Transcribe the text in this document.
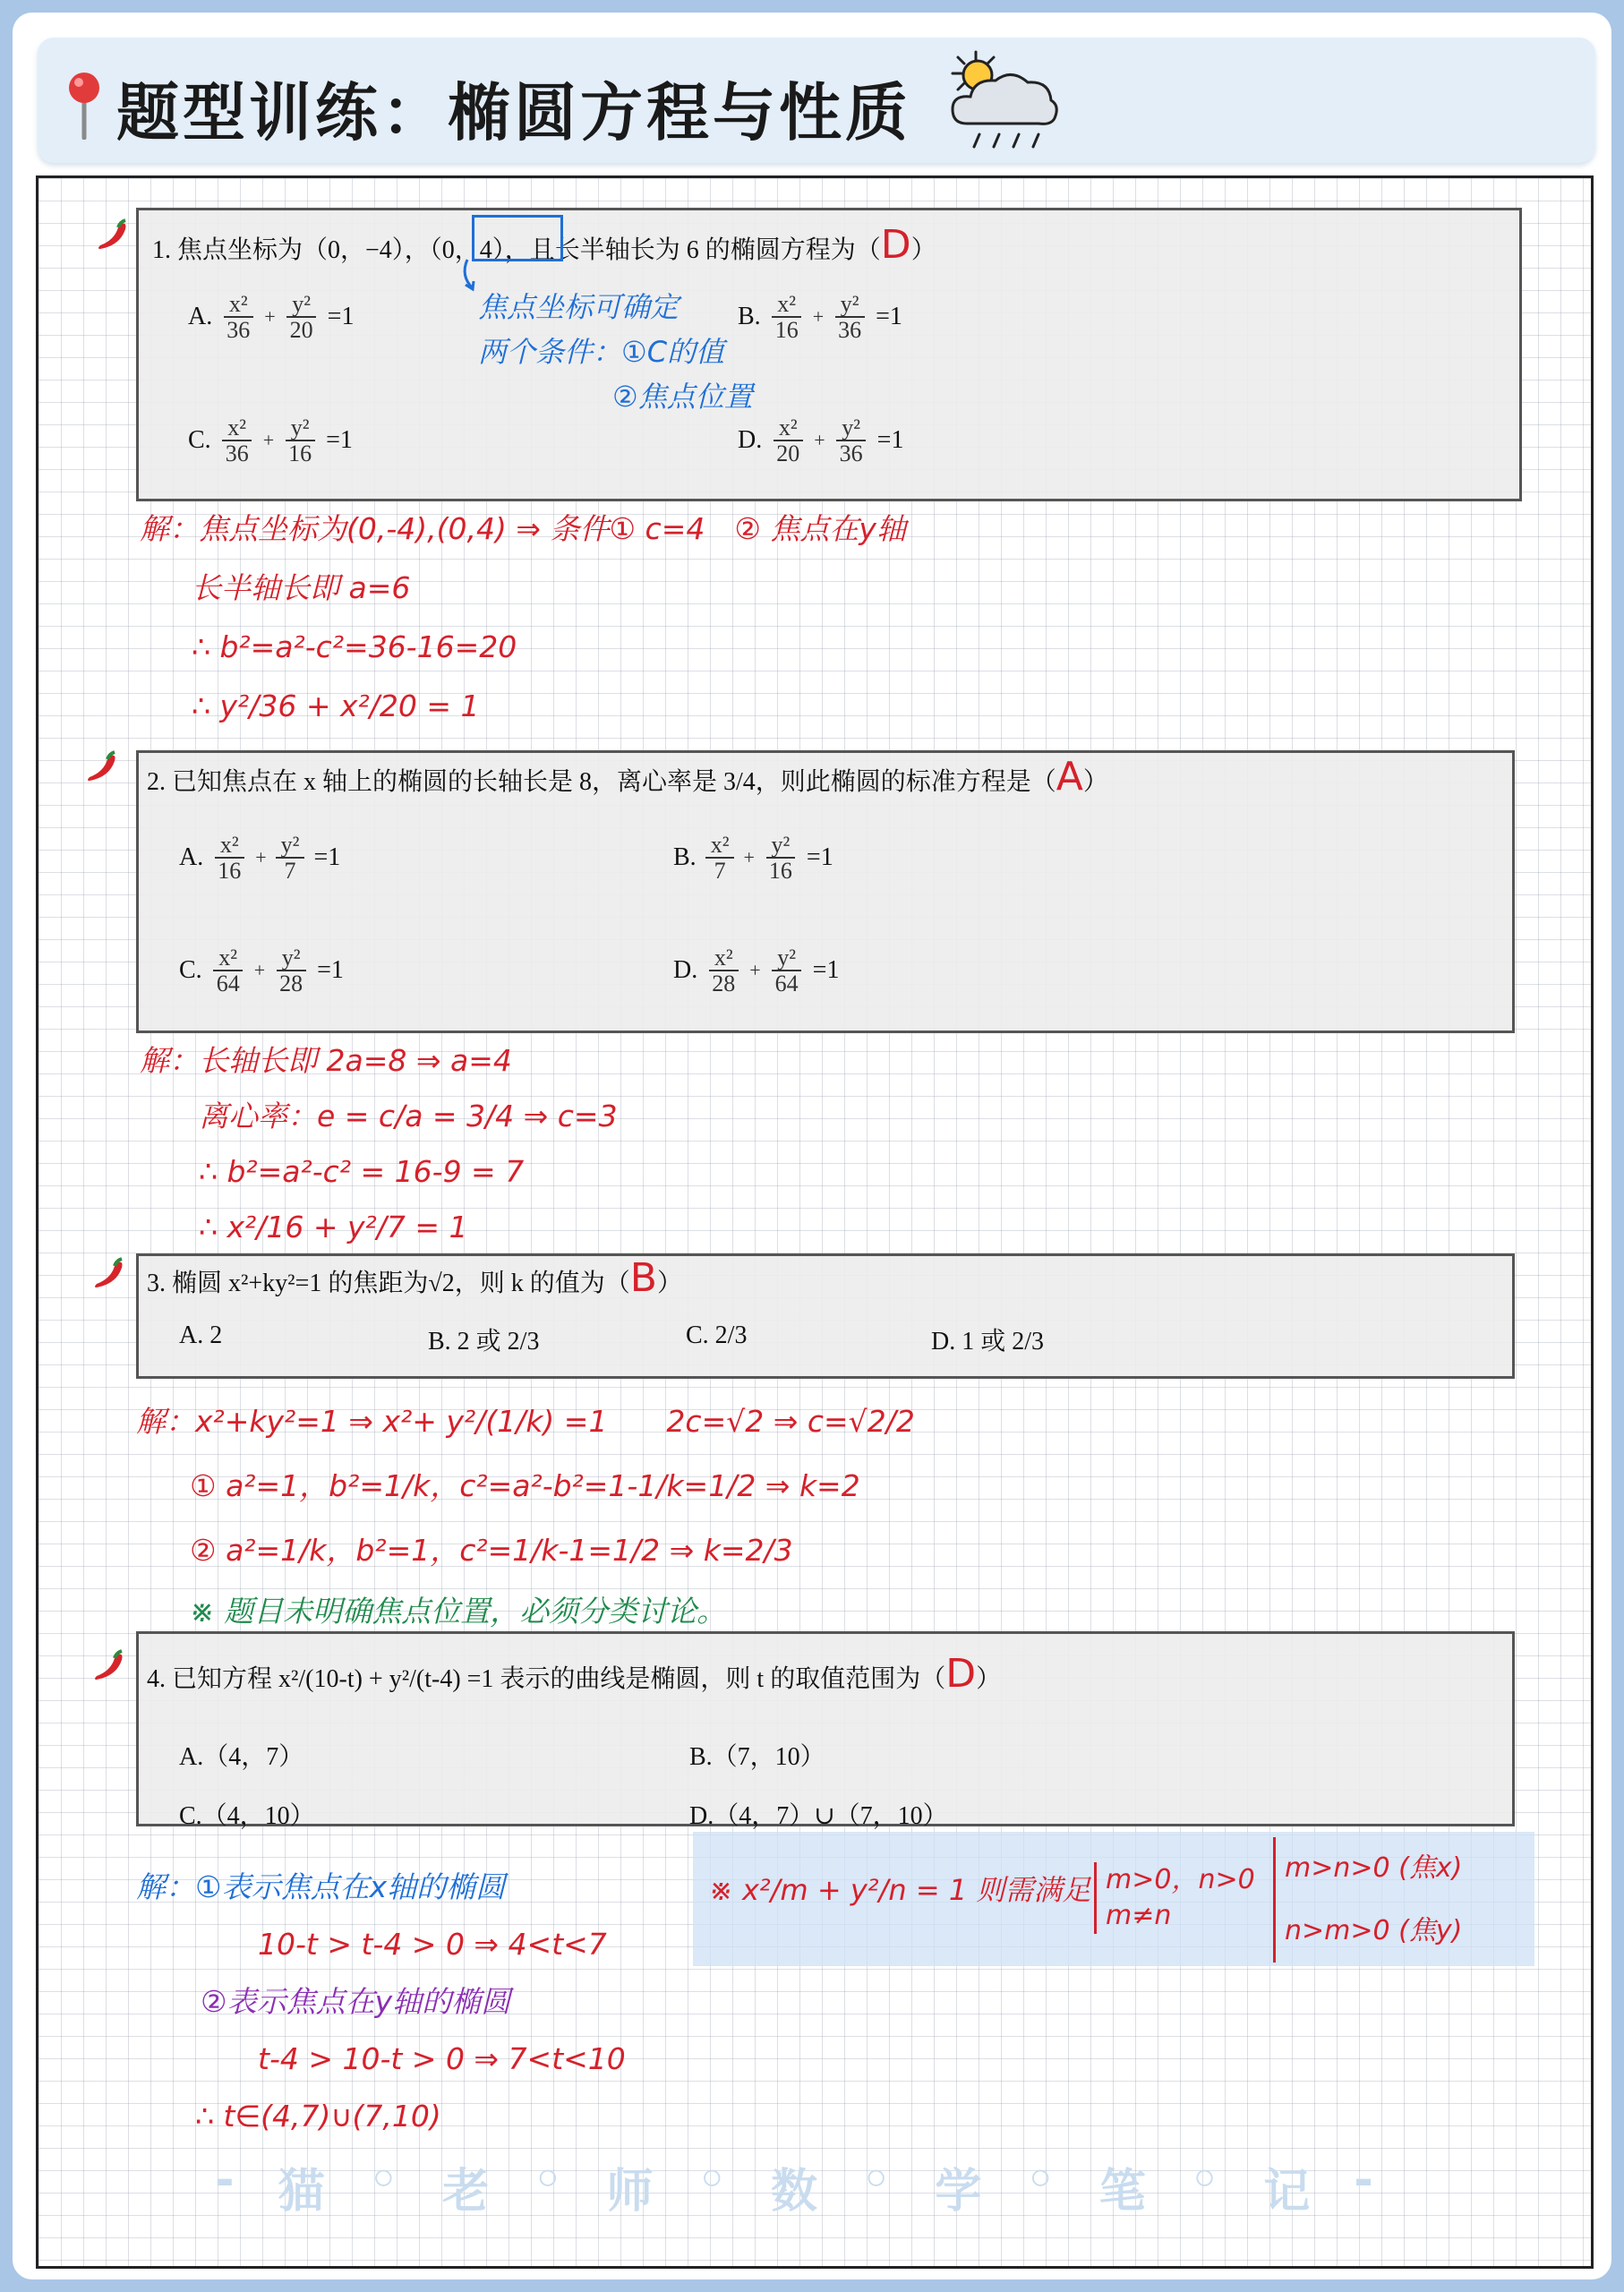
题型训练：椭圆方程与性质
1. 焦点坐标为（0，−4），（0，4），且长半轴长为 6 的椭圆方程为（D）
A. $\frac{\text{x²}}{36} + \frac{\text{y²}}{20} =1$	B. $\frac{\text{x²}}{16} + \frac{\text{y²}}{36} =1$
C. $\frac{\text{x²}}{36} + \frac{\text{y²}}{16} =1$	D. $\frac{\text{x²}}{20} + \frac{\text{y²}}{36} =1$
焦点坐标可确定
两个条件：①C的值
②焦点位置
解：焦点坐标为(0,-4),(0,4) ⇒ 条件① c=4　② 焦点在y轴
长半轴长即 a=6
∴ b²=a²-c²=36-16=20
∴ y²/36 + x²/20 = 1
2. 已知焦点在 x 轴上的椭圆的长轴长是 8，离心率是 3/4，则此椭圆的标准方程是（A）
A. $\frac{\text{x²}}{16} + \frac{\text{y²}}{7} =1$	B. $\frac{\text{x²}}{7} + \frac{\text{y²}}{16} =1$
C. $\frac{\text{x²}}{64} + \frac{\text{y²}}{28} =1$	D. $\frac{\text{x²}}{28} + \frac{\text{y²}}{64} =1$
解：长轴长即 2a=8 ⇒ a=4
离心率：e = c/a = 3/4 ⇒ c=3
∴ b²=a²-c² = 16-9 = 7
∴ x²/16 + y²/7 = 1
3. 椭圆 x²+ky²=1 的焦距为√2，则 k 的值为（B）
A. 2	B. 2 或 2/3	C. 2/3	D. 1 或 2/3
解：x²+ky²=1 ⇒ x²+ y²/(1/k) =1　　2c=√2 ⇒ c=√2/2
① a²=1，b²=1/k，c²=a²-b²=1-1/k=1/2 ⇒ k=2
② a²=1/k，b²=1，c²=1/k-1=1/2 ⇒ k=2/3
※ 题目未明确焦点位置，必须分类讨论。
4. 已知方程 x²/(10-t) + y²/(t-4) =1 表示的曲线是椭圆，则 t 的取值范围为（D）
A.（4，7）	B.（7，10）
C.（4，10）	D.（4，7）∪（7，10）
※ x²/m + y²/n = 1 则需满足 m>0，n>0
m≠n
m>n>0 (焦x)
n>m>0 (焦y)
解：①表示焦点在x轴的椭圆
10-t > t-4 > 0 ⇒ 4<t<7
②表示焦点在y轴的椭圆
t-4 > 10-t > 0 ⇒ 7<t<10
∴ t∈(4,7)∪(7,10)
- 猫 ◦ 老 ◦ 师 ◦ 数 ◦ 学 ◦ 笔 ◦ 记 -
